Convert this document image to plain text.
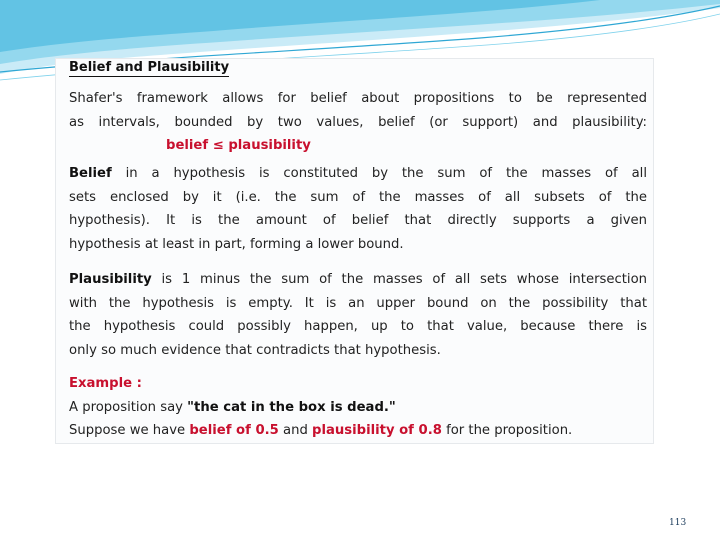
Belief and Plausibility
Shafer's framework allows for belief about propositions to be represented
as intervals, bounded by two values, belief (or support) and plausibility:
belief ≤ plausibility
Belief in a hypothesis is constituted by the sum of the masses of all
sets enclosed by it (i.e. the sum of the masses of all subsets of the
hypothesis). It is the amount of belief that directly supports a given
hypothesis at least in part, forming a lower bound.
Plausibility is 1 minus the sum of the masses of all sets whose intersection
with the hypothesis is empty. It is an upper bound on the possibility that
the hypothesis could possibly happen, up to that value, because there is
only so much evidence that contradicts that hypothesis.
Example :
A proposition say "the cat in the box is dead."
Suppose we have belief of 0.5 and plausibility of 0.8 for the proposition.
113
